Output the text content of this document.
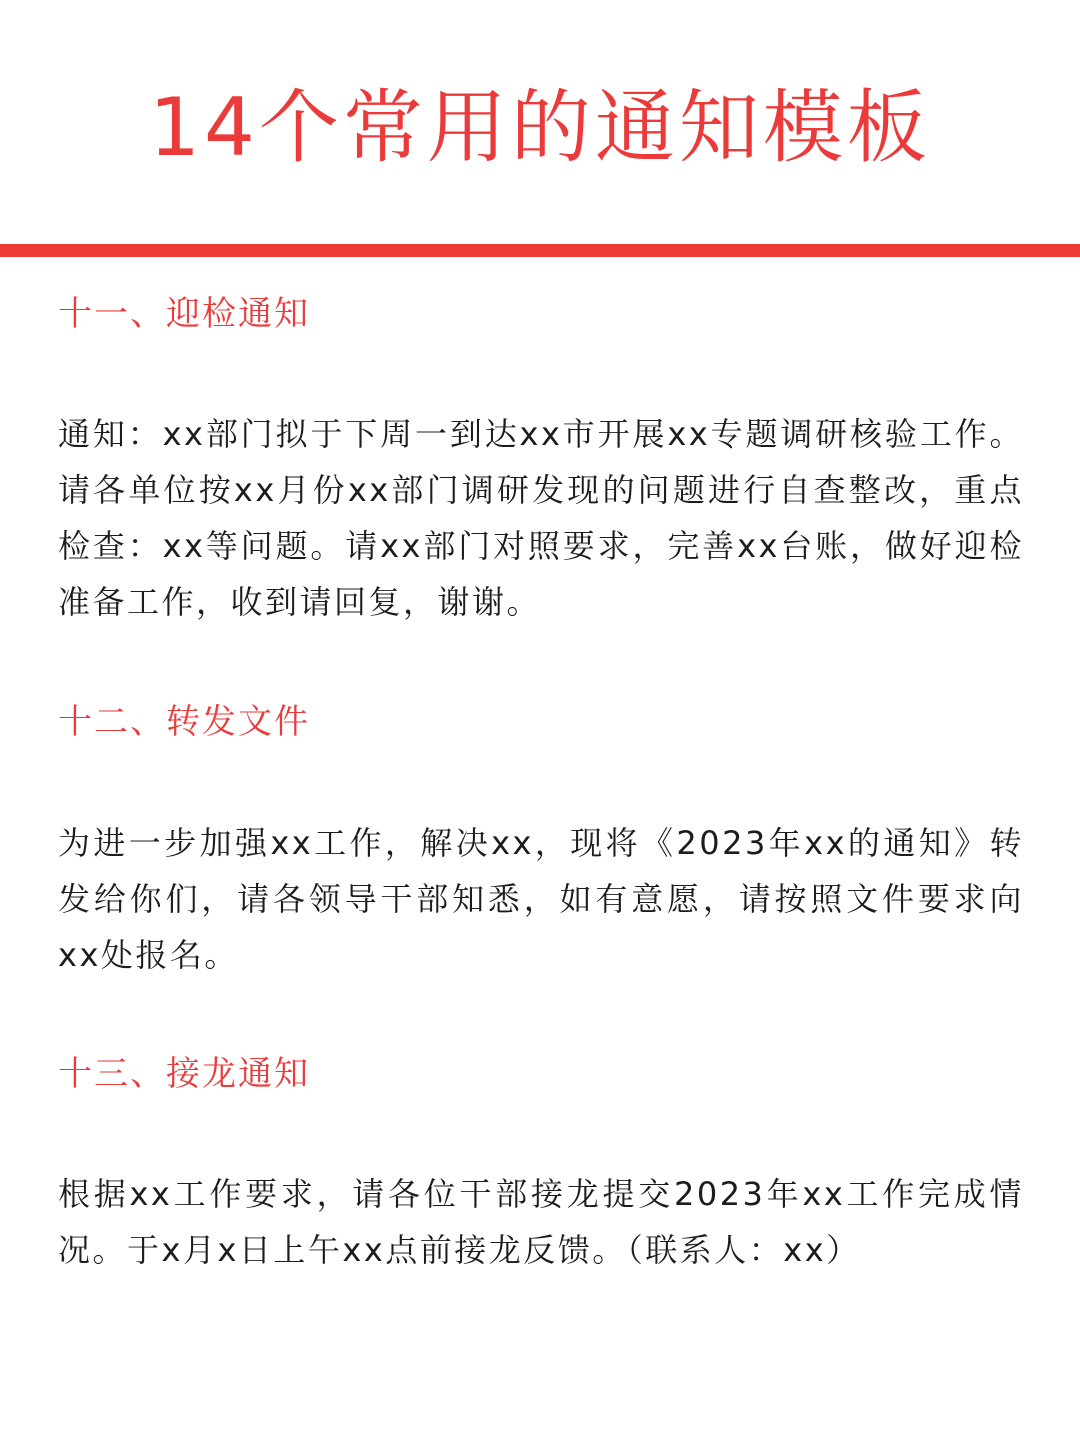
14个常用的通知模板
十一、迎检通知

通知：xx部门拟于下周一到达xx市开展xx专题调研核验工作。请各单位按xx月份xx部门调研发现的问题进行自查整改，重点检查：xx等问题。请xx部门对照要求，完善xx台账，做好迎检准备工作，收到请回复，谢谢。

十二、转发文件

为进一步加强xx工作，解决xx，现将《2023年xx的通知》转发给你们，请各领导干部知悉，如有意愿，请按照文件要求向xx处报名。

十三、接龙通知

根据xx工作要求，请各位干部接龙提交2023年xx工作完成情况。于x月x日上午xx点前接龙反馈。（联系人：xx）
